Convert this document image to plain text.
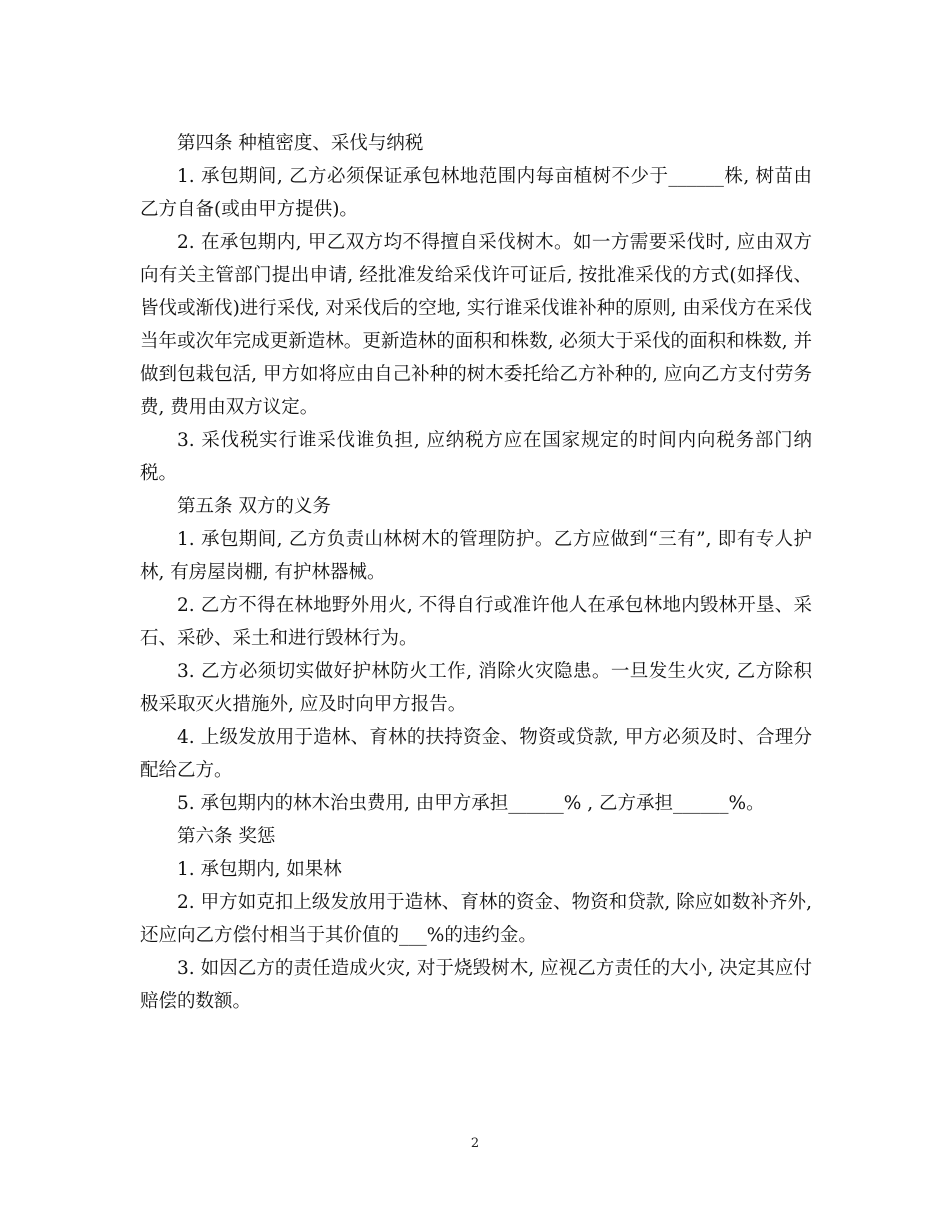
第四条 种植密度、采伐与纳税

1. 承包期间, 乙方必须保证承包林地范围内每亩植树不少于______株, 树苗由乙方自备(或由甲方提供)。

2. 在承包期内, 甲乙双方均不得擅自采伐树木。如一方需要采伐时, 应由双方向有关主管部门提出申请, 经批准发给采伐许可证后, 按批准采伐的方式(如择伐、皆伐或渐伐)进行采伐, 对采伐后的空地, 实行谁采伐谁补种的原则, 由采伐方在采伐当年或次年完成更新造林。更新造林的面积和株数, 必须大于采伐的面积和株数, 并做到包栽包活, 甲方如将应由自己补种的树木委托给乙方补种的, 应向乙方支付劳务费, 费用由双方议定。

3. 采伐税实行谁采伐谁负担, 应纳税方应在国家规定的时间内向税务部门纳税。

第五条 双方的义务

1. 承包期间, 乙方负责山林树木的管理防护。乙方应做到“三有”, 即有专人护林, 有房屋岗棚, 有护林器械。

2. 乙方不得在林地野外用火, 不得自行或准许他人在承包林地内毁林开垦、采石、采砂、采土和进行毁林行为。

3. 乙方必须切实做好护林防火工作, 消除火灾隐患。一旦发生火灾, 乙方除积极采取灭火措施外, 应及时向甲方报告。

4. 上级发放用于造林、育林的扶持资金、物资或贷款, 甲方必须及时、合理分配给乙方。

5. 承包期内的林木治虫费用, 由甲方承担______% , 乙方承担______%。

第六条 奖惩

1. 承包期内, 如果林

2. 甲方如克扣上级发放用于造林、育林的资金、物资和贷款, 除应如数补齐外, 还应向乙方偿付相当于其价值的___%的违约金。

3. 如因乙方的责任造成火灾, 对于烧毁树木, 应视乙方责任的大小, 决定其应付赔偿的数额。

2
